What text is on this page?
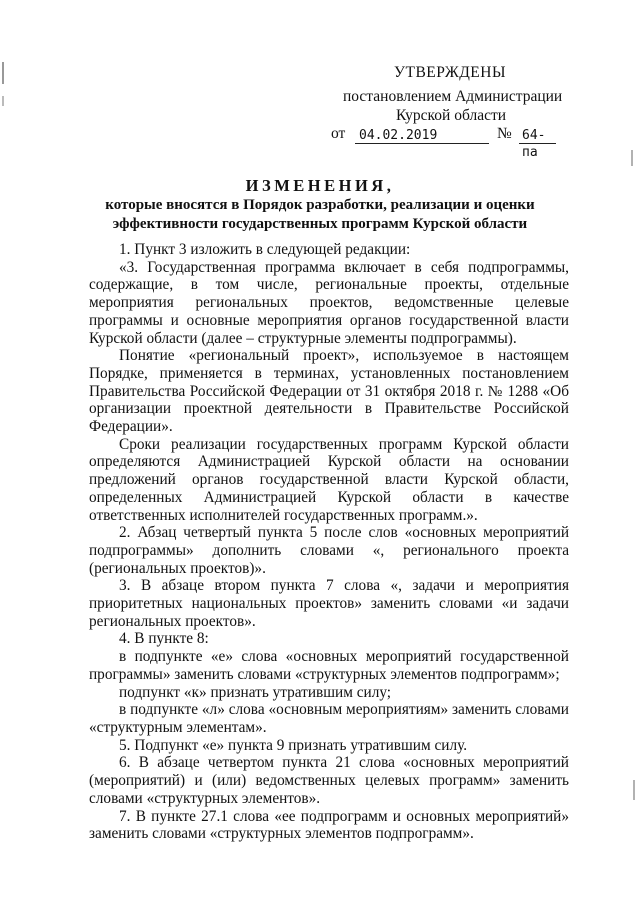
УТВЕРЖДЕНЫ
постановлением Администрации
Курской области
от	04.02.2019	№ 64-па
ИЗМЕНЕНИЯ,
которые вносятся в Порядок разработки, реализации и оценки
эффективности государственных программ Курской области

1. Пункт 3 изложить в следующей редакции:

«3. Государственная программа включает в себя подпрограммы, содержащие, в том числе, региональные проекты, отдельные мероприятия региональных проектов, ведомственные целевые программы и основные мероприятия органов государственной власти Курской области (далее – структурные элементы подпрограммы).

Понятие «региональный проект», используемое в настоящем Порядке, применяется в терминах, установленных постановлением Правительства Российской Федерации от 31 октября 2018 г. № 1288 «Об организации проектной деятельности в Правительстве Российской Федерации».

Сроки реализации государственных программ Курской области определяются Администрацией Курской области на основании предложений органов государственной власти Курской области, определенных Администрацией Курской области в качестве ответственных исполнителей государственных программ.».

2. Абзац четвертый пункта 5 после слов «основных мероприятий подпрограммы» дополнить словами «, регионального проекта (региональных проектов)».

3. В абзаце втором пункта 7 слова «, задачи и мероприятия приоритетных национальных проектов» заменить словами «и задачи региональных проектов».

4. В пункте 8:

в подпункте «е» слова «основных мероприятий государственной программы» заменить словами «структурных элементов подпрограмм»;

подпункт «к» признать утратившим силу;

в подпункте «л» слова «основным мероприятиям» заменить словами «структурным элементам».

5. Подпункт «е» пункта 9 признать утратившим силу.

6. В абзаце четвертом пункта 21 слова «основных мероприятий (мероприятий) и (или) ведомственных целевых программ» заменить словами «структурных элементов».

7. В пункте 27.1 слова «ее подпрограмм и основных мероприятий» заменить словами «структурных элементов подпрограмм».
